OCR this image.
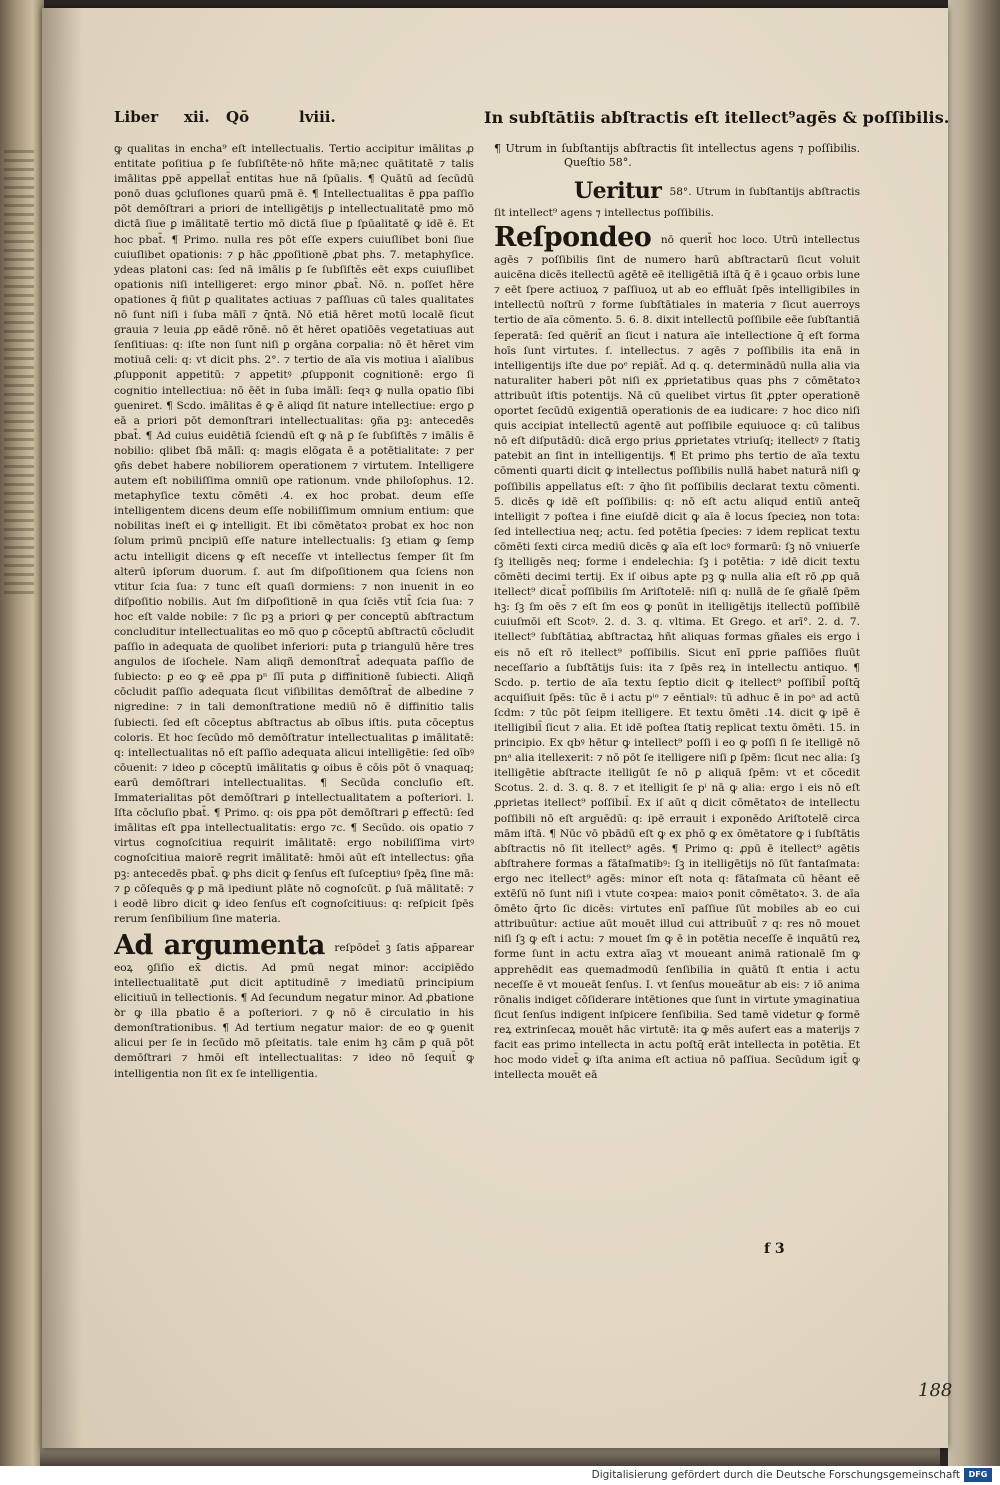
Liber xii. Qō	lviii.	In subſtātiis abſtractis eſt itellect⁹agēs & poſſibilis.

ꝙ qualitas in encha⁹ eſt intellectualis. Tertio accipitur imālitas ꝓ entitate poſitiua ꝑ ſe ſubſiſtēte·nō hñte mā;nec quātitatē ⁊ talis imālitas ꝑpē appellat̄ entitas hue nā ſpūalis. ¶ Quātū ad ſecūdū ponō duas ꝯcluſiones quarū pmā ē. ¶ Intellectualitas ē ꝑpa paſſio pōt demōſtrari a priori de intelligētijs ꝑ intellectualitatē pmo mō dictā ſiue ꝑ imālitatē tertio mō dictā ſiue ꝑ ſpūalitatē ꝙ idē ē. Et hoc pbat̄. ¶ Primo. nulla res pōt eſſe expers cuiuſlibet boni ſiue cuiuſlibet opationis: ⁊ ꝑ hāc ꝓpoſitionē ꝓbat phs. 7. metaphyſice. ydeas platoni cas: ſed nā imālis ꝑ ſe ſubſiſtēs eēt exps cuiuſlibet opationis niſi intelligeret: ergo minor ꝓbat̄. Nō. n. poſſet hēre opationes q̄ fiūt ꝑ qualitates actiuas ⁊ paſſiuas cū tales qualitates nō ſunt niſi i ſuba mālī ⁊ q̄ntā. Nō etiā hēret motū localē ſicut grauia ⁊ leuia ꝓp eādē rōnē. nō ēt hēret opatiōēs vegetatiuas aut ſenſitiuas: q: iſte non ſunt niſi ꝑ orgāna corpalia: nō ēt hēret vim motiuā celi: q: vt dicit phs. 2°. ⁊ tertio de aīa vis motiua i aīalibus ꝓſupponit appetitū: ⁊ appetitꝰ ꝓſupponit cognitionē: ergo ſi cognitio intellectiua: nō ēēt in ſuba imālī: ſeqꝛ ꝙ nulla opatio ſibi ꝯueniret. ¶ Scdo. imālitas ē ꝙ ē aliqd ſit nature intellectiue: ergo ꝑ eā a priori pōt demonſtrari intellectualitas: ꝯña pꝫ: antecedēs pbat̄. ¶ Ad cuius euidētiā ſciendū eſt ꝙ nā ꝑ ſe ſubſiſtēs ⁊ imālis ē nobilio: qlibet ſbā mālī: q: magis elōgata ē a potētialitate: ⁊ per ꝯñs debet habere nobiliorem operationem ⁊ virtutem. Intelligere autem eſt nobiliſſima omniū ope rationum. vnde philoſophus. 12. metaphyſice textu cōmēti .4. ex hoc probat. deum eſſe intelligentem dicens deum eſſe nobiliſſimum omnium entium: que nobilitas ineſt ei ꝙ intelligit. Et ibi cōmētatoꝛ probat ex hoc non ſolum primū pncipiū eſſe nature intellectualis: ſꝫ etiam ꝙ ſemp actu intelligit dicens ꝙ eſt neceſſe vt intellectus ſemper ſit ſm alterū ipſorum duorum. ſ. aut ſm diſpoſitionem qua ſciens non vtitur ſcia ſua: ⁊ tunc eſt quaſi dormiens: ⁊ non inuenit in eo diſpoſitio nobilis. Aut ſm diſpoſitionē in qua ſciēs vtit̄ ſcia ſua: ⁊ hoc eſt valde nobile: ⁊ ſic pꝫ a priori ꝙ per conceptū abſtractum concluditur intellectualitas eo mō quo ꝑ cōceptū abſtractū cōcludit paſſio in adequata de quolibet inferiori: puta ꝑ triangulū hēre tres angulos de iſochele. Nam aliqñ demonſtrat̄ adequata paſſio de ſubiecto: ꝑ eo ꝙ eē ꝓpa pⁿ ſlī puta ꝑ diffinitionē ſubiecti. Aliqñ cōcludit paſſio adequata ſicut viſibilitas demōſtrat̄ de albedine ⁊ nigredine: ⁊ in tali demonſtratione mediū nō ē diffinitio talis ſubiecti. ſed eſt cōceptus abſtractus ab oībus iſtis. puta cōceptus coloris. Et hoc ſecūdo mō demōſtratur intellectualitas ꝑ imālitatē: q: intellectualitas nō eſt paſſio adequata alicui intelligētie: ſed oībꝰ cōuenit: ⁊ ideo ꝑ cōceptū imālitatis ꝙ oibus ē cōis pōt ō vnaquaq; earū demōſtrari intellectualitas. ¶ Secūda concluſio eſt. Immaterialitas pōt demōſtrari ꝑ intellectualitatem a poſteriori. l. Iſta cōcluſio pbat̄. ¶ Primo. q: ois ꝑpa pōt demōſtrari ꝑ effectū: ſed imālitas eſt ꝑpa intellectualitatis: ergo ⁊c. ¶ Secūdo. ois opatio ⁊ virtus cognoſcitiua requirit imālitatē: ergo nobiliſſima virtꝰ cognoſcitiua maiorē regrit imālitatē: hmōi aūt eſt intellectus: ꝯña pꝫ: antecedēs pbat̄. ꝙ phs dicit ꝙ ſenſus eſt ſuſceptiuꝰ ſpēꝝ ſine mā: ⁊ ꝑ cōſequēs ꝙ ꝑ mā ipediunt plāte nō cognoſcūt. ꝑ ſuā mālitatē: ⁊ i eodē libro dicit ꝙ ideo ſenſus eſt cognoſcitiuus: q: reſpicit ſpēs rerum ſenſibilium ſine materia.

Ad argumenta reſpōdet̄ ꝫ ſatis ap̄parear eoꝝ ꝯſiſio ex̄ dictis. Ad pmū negat minor: accipiēdo intellectualitatē ꝓut dicit aptitudinē ⁊ imediatū principium elicitiuū in tellectionis. ¶ Ad ſecundum negatur minor. Ad ꝓbatione ꝺr ꝙ illa pbatio ē a poſteriori. ⁊ ꝙ nō ē circulatio in his demonſtrationibus. ¶ Ad tertium negatur maior: de eo ꝙ ꝯuenit alicui per ſe in ſecūdo mō pſeitatis. tale enim hꝫ cām ꝑ quā pōt demōſtrari ⁊ hmōi eſt intellectualitas: ⁊ ideo nō ſequit̄ ꝙ intelligentia non ſit ex ſe intelligentia.

¶ Utrum in ſubſtantijs abſtractis ſit intellectus agens ⁊ poſſibilis. Queſtio 58°.

Ueritur 58°. Utrum in ſubſtantijs abſtractis ſit intellect⁹ agens ⁊ intellectus poſſibilis.

Reſpondeo nō querit̄ hoc loco. Utrū intellectus agēs ⁊ poſſibilis ſint de numero harū abſtractarū ſicut voluit auicēna dicēs itellectū agētē eē itelligētiā iſtā q̄ ē i ꝯcauo orbis lune ⁊ eēt ſpere actiuoꝝ ⁊ paſſiuoꝝ ut ab eo effluāt ſpēs intelligibiles in intellectū noſtrū ⁊ forme ſubſtātiales in materia ⁊ ſicut auerroys tertio de aīa cōmento. 5. 6. 8. dixit intellectū poſſibile eēe ſubſtantiā ſeperatā: ſed quērit̄ an ſicut i natura aīe intellectione q̄ eſt forma hoīs ſunt virtutes. ſ. intellectus. ⁊ agēs ⁊ poſſibilis ita enā in intelligentijs iſte due poᵉ repiāt̄. Ad q. q. determinādū nulla alia via naturaliter haberi pōt niſi ex ꝓprietatibus quas phs ⁊ cōmētatoꝛ attribuūt iſtis potentijs. Nā cū quelibet virtus ſit ꝓpter operationē oportet ſecūdū exigentiā operationis de ea iudicare: ⁊ hoc dico niſi quis accipiat intellectū agentē aut poſſibile equiuoce q: cū talibus nō eſt diſputādū: dicā ergo prius ꝓprietates vtriuſq; itellectꝰ ⁊ ſtatiꝫ patebit an ſint in intelligentijs. ¶ Et primo phs tertio de aīa textu cōmenti quarti dicit ꝙ intellectus poſſibilis nullā habet naturā niſi ꝙ poſſibilis appellatus eſt: ⁊ q̄ho ſit poſſibilis declarat textu cōmenti. 5. dicēs ꝙ idē eſt poſſibilis: q: nō eſt actu aliqud entiū anteq̄ intelligit ⁊ poſtea i fine eiuſdē dicit ꝙ aīa ē locus ſpecieꝝ non tota: ſed intellectiua neq; actu. ſed potētia ſpecies: ⁊ idem replicat textu cōmēti ſexti circa mediū dicēs ꝙ aīa eſt locꝰ formarū: ſꝫ nō vniuerſe ſꝫ itelligēs neq; forme i endelechia: ſꝫ i potētia: ⁊ idē dicit textu cōmēti decimi tertij. Ex iſ oibus apte pꝫ ꝙ nulla alia eſt rō ꝓp quā itellect⁹ dicat̄ poſſibilis ſm Ariſtotelē: niſi q: nullā de ſe gñalē ſpēm hꝫ: ſꝫ ſm oēs ⁊ eſt ſm eos ꝙ ponūt in itelligētijs itellectū poſſibilē cuiuſmōi eſt Scotꝰ. 2. d. 3. q. vltima. Et Grego. et arī°. 2. d. 7. itellect⁹ ſubſtātiaꝝ abſtractaꝝ hñt aliquas formas gñales eis ergo i eis nō eſt rō itellect⁹ poſſibilis. Sicut enī ꝑprie paſſiōes fluūt neceſſario a ſubſtātijs ſuis: ita ⁊ ſpēs reꝝ in intellectu antiquo. ¶ Scdo. p. tertio de aīa textu ſeptio dicit ꝙ itellect⁹ poſſibil̄ poſtq̄ acquiſiuit ſpēs: tūc ē i actu pⁱᵒ ⁊ eēntialꝰ: tū adhuc ē in poᵃ ad actū ſcdm: ⁊ tūc pōt ſeipm itelligere. Et textu ōmēti .14. dicit ꝙ ipē ē itelligibil̄ ſicut ⁊ alia. Et idē poſtea ſtatiꝫ replicat textu ōmēti. 15. in principio. Ex qbꝰ hētur ꝙ intellect⁹ poſſi i eo ꝙ poſſi ſi ſe itelligē nō pnᵃ alia itellexerit: ⁊ nō pōt ſe itelligere niſi ꝑ ſpēm: ſicut nec alia: ſꝫ itelligētie abſtracte itelligūt ſe nō ꝑ aliquā ſpēm: vt et cōcedit Scotus. 2. d. 3. q. 8. ⁊ et itelligit ſe pⁱ nā ꝙ alia: ergo i eis nō eſt ꝓprietas itellect⁹ poſſibil̄. Ex iſ aūt q dicit cōmētatoꝛ de intellectu poſſibili nō eſt arguēdū: q: ipē errauit i exponēdo Ariſtotelē circa mām iſtā. ¶ Nūc vō pbādū eſt ꝙ ex phō ꝙ ex ōmētatore ꝙ i ſubſtātis abſtractis nō ſit itellect⁹ agēs. ¶ Primo q: ꝓpū ē itellect⁹ agētis abſtrahere formas a fātaſmatibꝰ: ſꝫ in itelligētijs nō ſūt fantaſmata: ergo nec itellect⁹ agēs: minor eſt nota q: fātaſmata cū hēant eē extēſū nō ſunt niſi i vtute coꝛpea: maioꝛ ponit cōmētatoꝛ. 3. de aīa ōmēto q̄rto ſic dicēs: virtutes enī paſſiue ſūt mobiles ab eo cui attribuūtur: actiue aūt mouēt illud cui attribuūt̄ ⁊ q: res nō mouet niſi ſꝫ ꝙ eſt i actu: ⁊ mouet ſm ꝙ ē in potētia neceſſe ē inquātū reꝝ forme ſunt in actu extra aīaꝫ vt moueant animā rationalē ſm ꝙ apprehēdit eas quemadmodū ſenſibilia in quātū ſt entia i actu neceſſe ē vt moueāt ſenſus. I. vt ſenſus moueātur ab eis: ⁊ iō anima rōnalis indiget cōſiderare intētiones que ſunt in virtute ymaginatiua ſicut ſenſus indigent inſpicere ſenſibilia. Sed tamē videtur ꝙ formē reꝝ extrinſecaꝝ mouēt hāc virtutē: ita ꝙ mēs aufert eas a materijs ⁊ facit eas primo intellecta in actu poſtq̄ erāt intellecta in potētia. Et hoc modo videt̄ ꝙ iſta anima eſt actiua nō paſſiua. Secūdum igit̄ ꝙ intellecta mouēt eā

f 3
188
Digitalisierung gefördert durch die Deutsche Forschungsgemeinschaft	DFG
